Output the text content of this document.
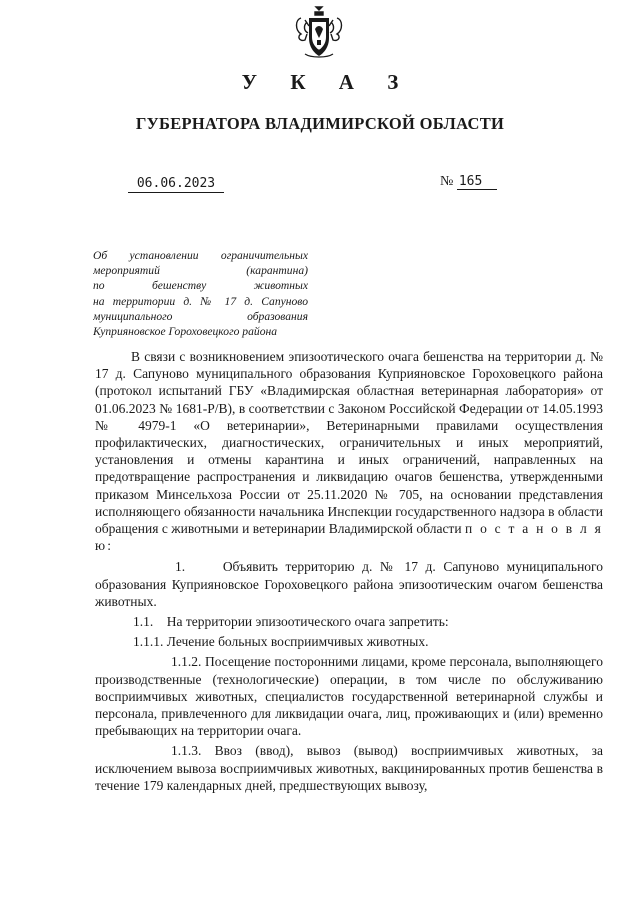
У К А З
ГУБЕРНАТОРА ВЛАДИМИРСКОЙ ОБЛАСТИ
06.06.2023	№ 165
Об установлении ограничительных
мероприятий (карантина)
по бешенству животных
на территории д. № 17 д. Сапуново
муниципального образования
Куприяновское Гороховецкого района

В связи с возникновением эпизоотического очага бешенства на территории д. № 17 д. Сапуново муниципального образования Куприяновское Гороховецкого района (протокол испытаний ГБУ «Владимирская областная ветеринарная лаборатория» от 01.06.2023 № 1681-Р/В), в соответствии с Законом Российской Федерации от 14.05.1993 № 4979-1 «О ветеринарии», Ветеринарными правилами осуществления профилактических, диагностических, ограничительных и иных мероприятий, установления и отмены карантина и иных ограничений, направленных на предотвращение распространения и ликвидацию очагов бешенства, утвержденными приказом Минсельхоза России от 25.11.2020 № 705, на основании представления исполняющего обязанности начальника Инспекции государственного надзора в области обращения с животными и ветеринарии Владимирской области п о с т а н о в л я ю:

1.	Объявить территорию д. № 17 д. Сапуново муниципального образования Куприяновское Гороховецкого района эпизоотическим очагом бешенства животных.

1.1. На территории эпизоотического очага запретить:

1.1.1. Лечение больных восприимчивых животных.

1.1.2. Посещение посторонними лицами, кроме персонала, выполняющего производственные (технологические) операции, в том числе по обслуживанию восприимчивых животных, специалистов государственной ветеринарной службы и персонала, привлеченного для ликвидации очага, лиц, проживающих и (или) временно пребывающих на территории очага.

1.1.3. Ввоз (ввод), вывоз (вывод) восприимчивых животных, за исключением вывоза восприимчивых животных, вакцинированных против бешенства в течение 179 календарных дней, предшествующих вывозу,
